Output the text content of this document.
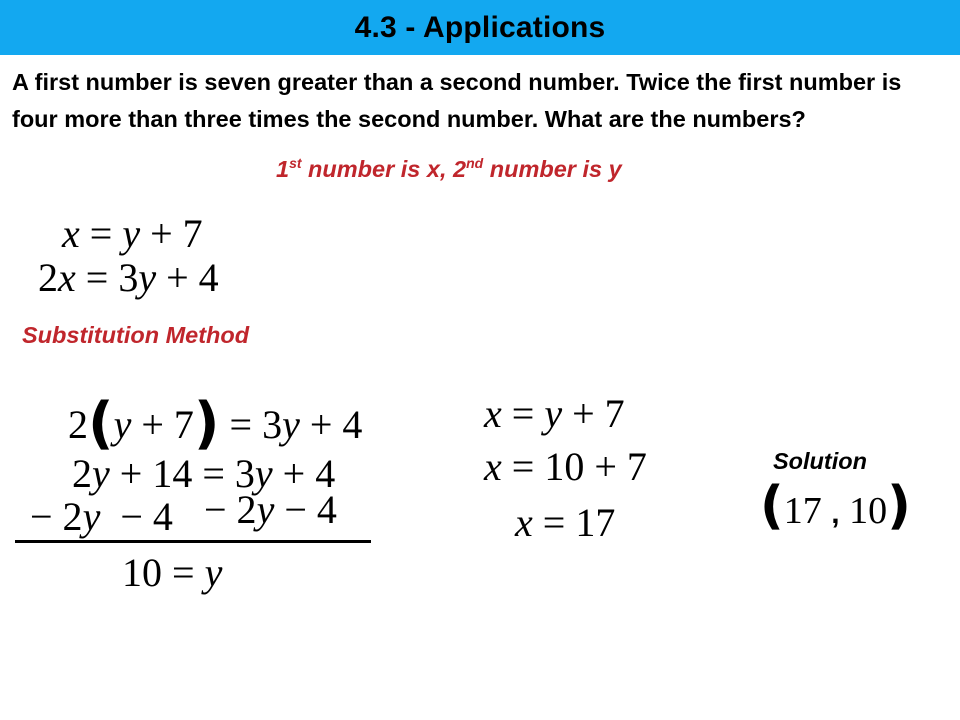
4.3 - Applications

A first number is seven greater than a second number. Twice the first number is four more than three times the second number. What are the numbers?

1st number is x, 2nd number is y
x = y + 7
2x = 3y + 4
Substitution Method
2(y + 7) = 3y + 4
2y + 14 = 3y + 4
− 2y − 4 − 2y − 4
10 = y
x = y + 7
x = 10 + 7
x = 17
Solution
(17 , 10)
